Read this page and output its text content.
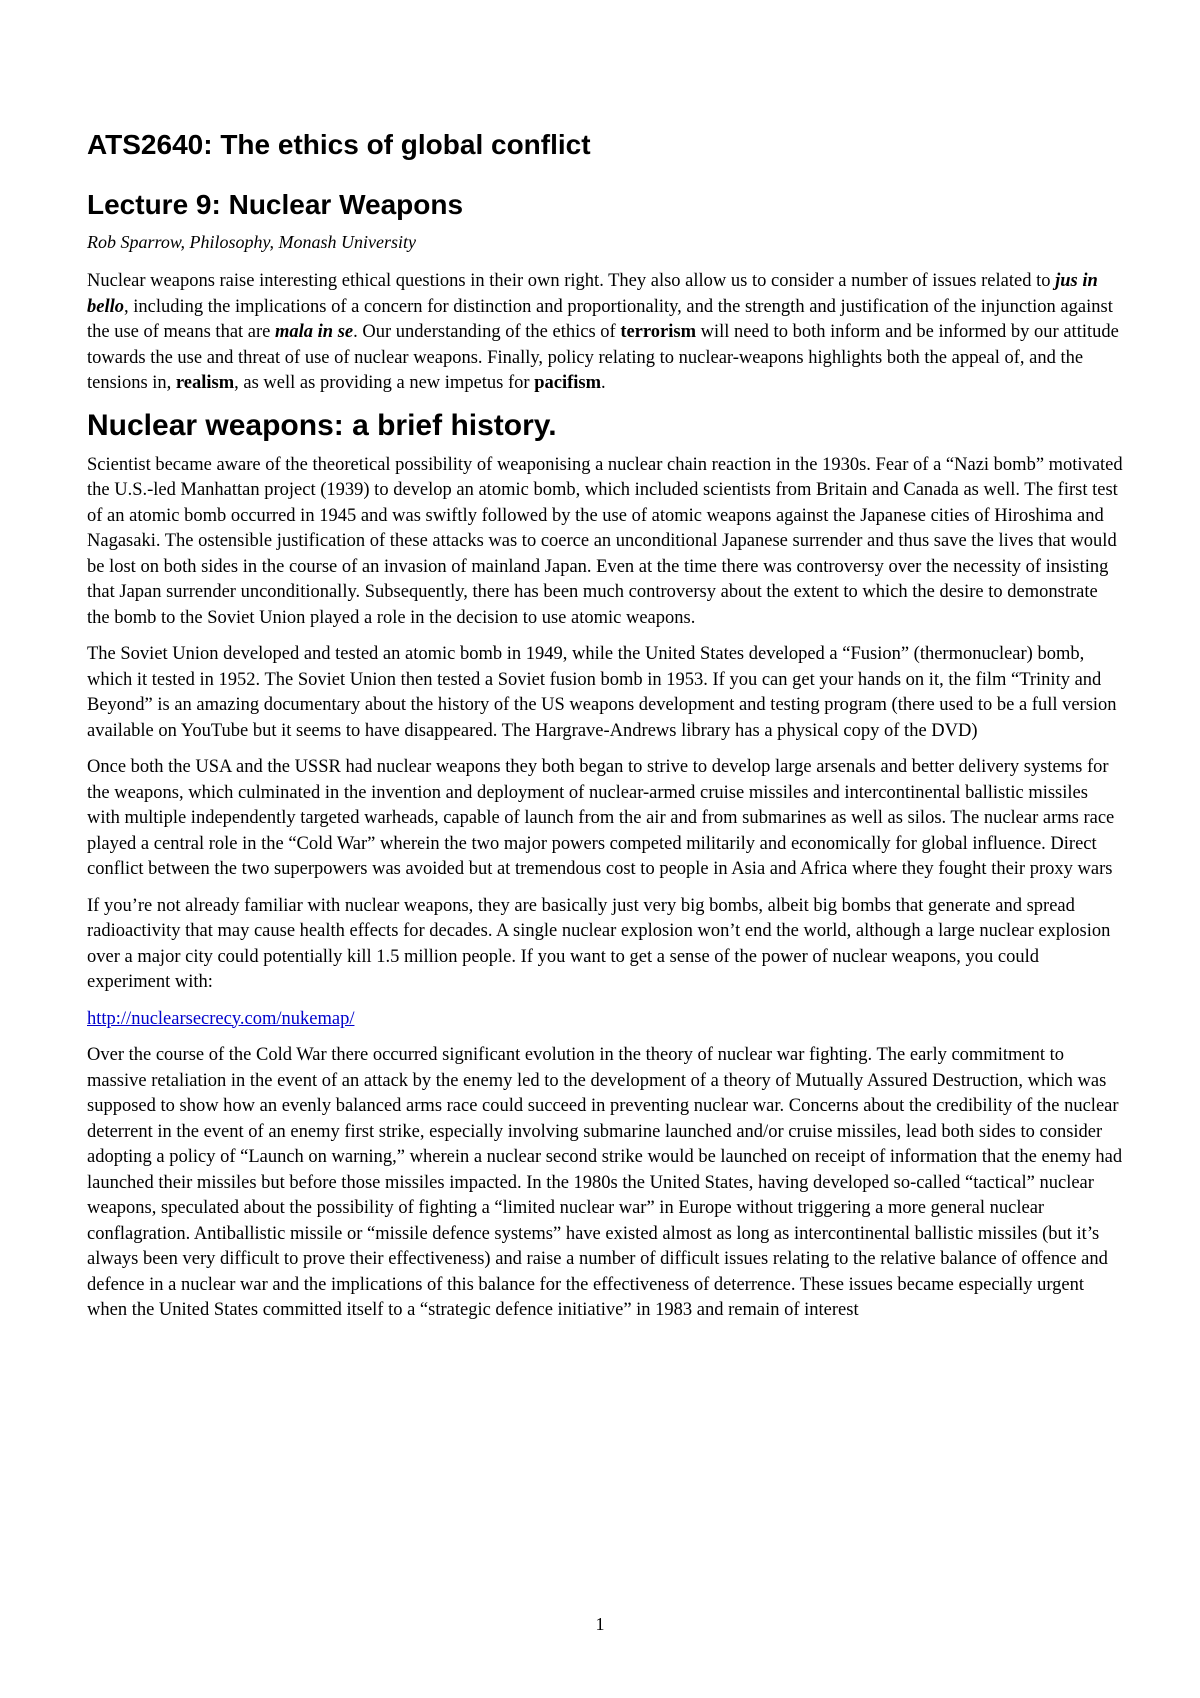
ATS2640: The ethics of global conflict
Lecture 9: Nuclear Weapons

Rob Sparrow, Philosophy, Monash University

Nuclear weapons raise interesting ethical questions in their own right. They also allow us to consider a number of issues related to jus in bello, including the implications of a concern for distinction and proportionality, and the strength and justification of the injunction against the use of means that are mala in se. Our understanding of the ethics of terrorism will need to both inform and be informed by our attitude towards the use and threat of use of nuclear weapons. Finally, policy relating to nuclear-weapons highlights both the appeal of, and the tensions in, realism, as well as providing a new impetus for pacifism.

Nuclear weapons: a brief history.

Scientist became aware of the theoretical possibility of weaponising a nuclear chain reaction in the 1930s. Fear of a “Nazi bomb” motivated the U.S.-led Manhattan project (1939) to develop an atomic bomb, which included scientists from Britain and Canada as well. The first test of an atomic bomb occurred in 1945 and was swiftly followed by the use of atomic weapons against the Japanese cities of Hiroshima and Nagasaki. The ostensible justification of these attacks was to coerce an unconditional Japanese surrender and thus save the lives that would be lost on both sides in the course of an invasion of mainland Japan. Even at the time there was controversy over the necessity of insisting that Japan surrender unconditionally. Subsequently, there has been much controversy about the extent to which the desire to demonstrate the bomb to the Soviet Union played a role in the decision to use atomic weapons.

The Soviet Union developed and tested an atomic bomb in 1949, while the United States developed a “Fusion” (thermonuclear) bomb, which it tested in 1952. The Soviet Union then tested a Soviet fusion bomb in 1953. If you can get your hands on it, the film “Trinity and Beyond” is an amazing documentary about the history of the US weapons development and testing program (there used to be a full version available on YouTube but it seems to have disappeared. The Hargrave-Andrews library has a physical copy of the DVD)

Once both the USA and the USSR had nuclear weapons they both began to strive to develop large arsenals and better delivery systems for the weapons, which culminated in the invention and deployment of nuclear-armed cruise missiles and intercontinental ballistic missiles with multiple independently targeted warheads, capable of launch from the air and from submarines as well as silos. The nuclear arms race played a central role in the “Cold War” wherein the two major powers competed militarily and economically for global influence. Direct conflict between the two superpowers was avoided but at tremendous cost to people in Asia and Africa where they fought their proxy wars

If you’re not already familiar with nuclear weapons, they are basically just very big bombs, albeit big bombs that generate and spread radioactivity that may cause health effects for decades. A single nuclear explosion won’t end the world, although a large nuclear explosion over a major city could potentially kill 1.5 million people. If you want to get a sense of the power of nuclear weapons, you could experiment with:

http://nuclearsecrecy.com/nukemap/

Over the course of the Cold War there occurred significant evolution in the theory of nuclear war fighting. The early commitment to massive retaliation in the event of an attack by the enemy led to the development of a theory of Mutually Assured Destruction, which was supposed to show how an evenly balanced arms race could succeed in preventing nuclear war. Concerns about the credibility of the nuclear deterrent in the event of an enemy first strike, especially involving submarine launched and/or cruise missiles, lead both sides to consider adopting a policy of “Launch on warning,” wherein a nuclear second strike would be launched on receipt of information that the enemy had launched their missiles but before those missiles impacted. In the 1980s the United States, having developed so-called “tactical” nuclear weapons, speculated about the possibility of fighting a “limited nuclear war” in Europe without triggering a more general nuclear conflagration. Antiballistic missile or “missile defence systems” have existed almost as long as intercontinental ballistic missiles (but it’s always been very difficult to prove their effectiveness) and raise a number of difficult issues relating to the relative balance of offence and defence in a nuclear war and the implications of this balance for the effectiveness of deterrence. These issues became especially urgent when the United States committed itself to a “strategic defence initiative” in 1983 and remain of interest

1
